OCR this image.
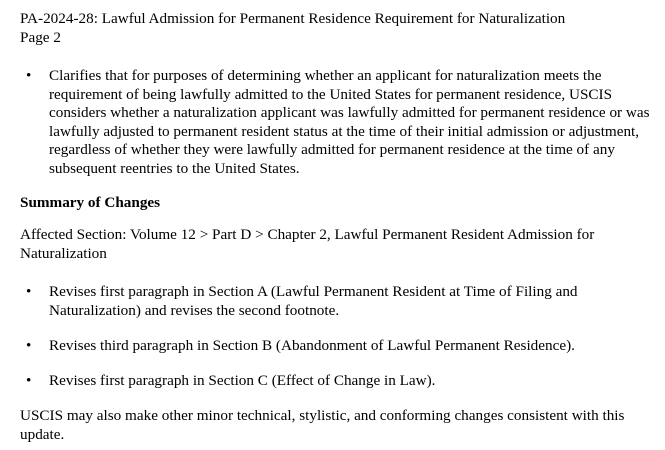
PA-2024-28: Lawful Admission for Permanent Residence Requirement for Naturalization
Page 2
• Clarifies that for purposes of determining whether an applicant for naturalization meets the requirement of being lawfully admitted to the United States for permanent residence, USCIS considers whether a naturalization applicant was lawfully admitted for permanent residence or was lawfully adjusted to permanent resident status at the time of their initial admission or adjustment, regardless of whether they were lawfully admitted for permanent residence at the time of any subsequent reentries to the United States.
Summary of Changes
Affected Section: Volume 12 > Part D > Chapter 2, Lawful Permanent Resident Admission for Naturalization
• Revises first paragraph in Section A (Lawful Permanent Resident at Time of Filing and Naturalization) and revises the second footnote.
• Revises third paragraph in Section B (Abandonment of Lawful Permanent Residence).
• Revises first paragraph in Section C (Effect of Change in Law).
USCIS may also make other minor technical, stylistic, and conforming changes consistent with this update.
